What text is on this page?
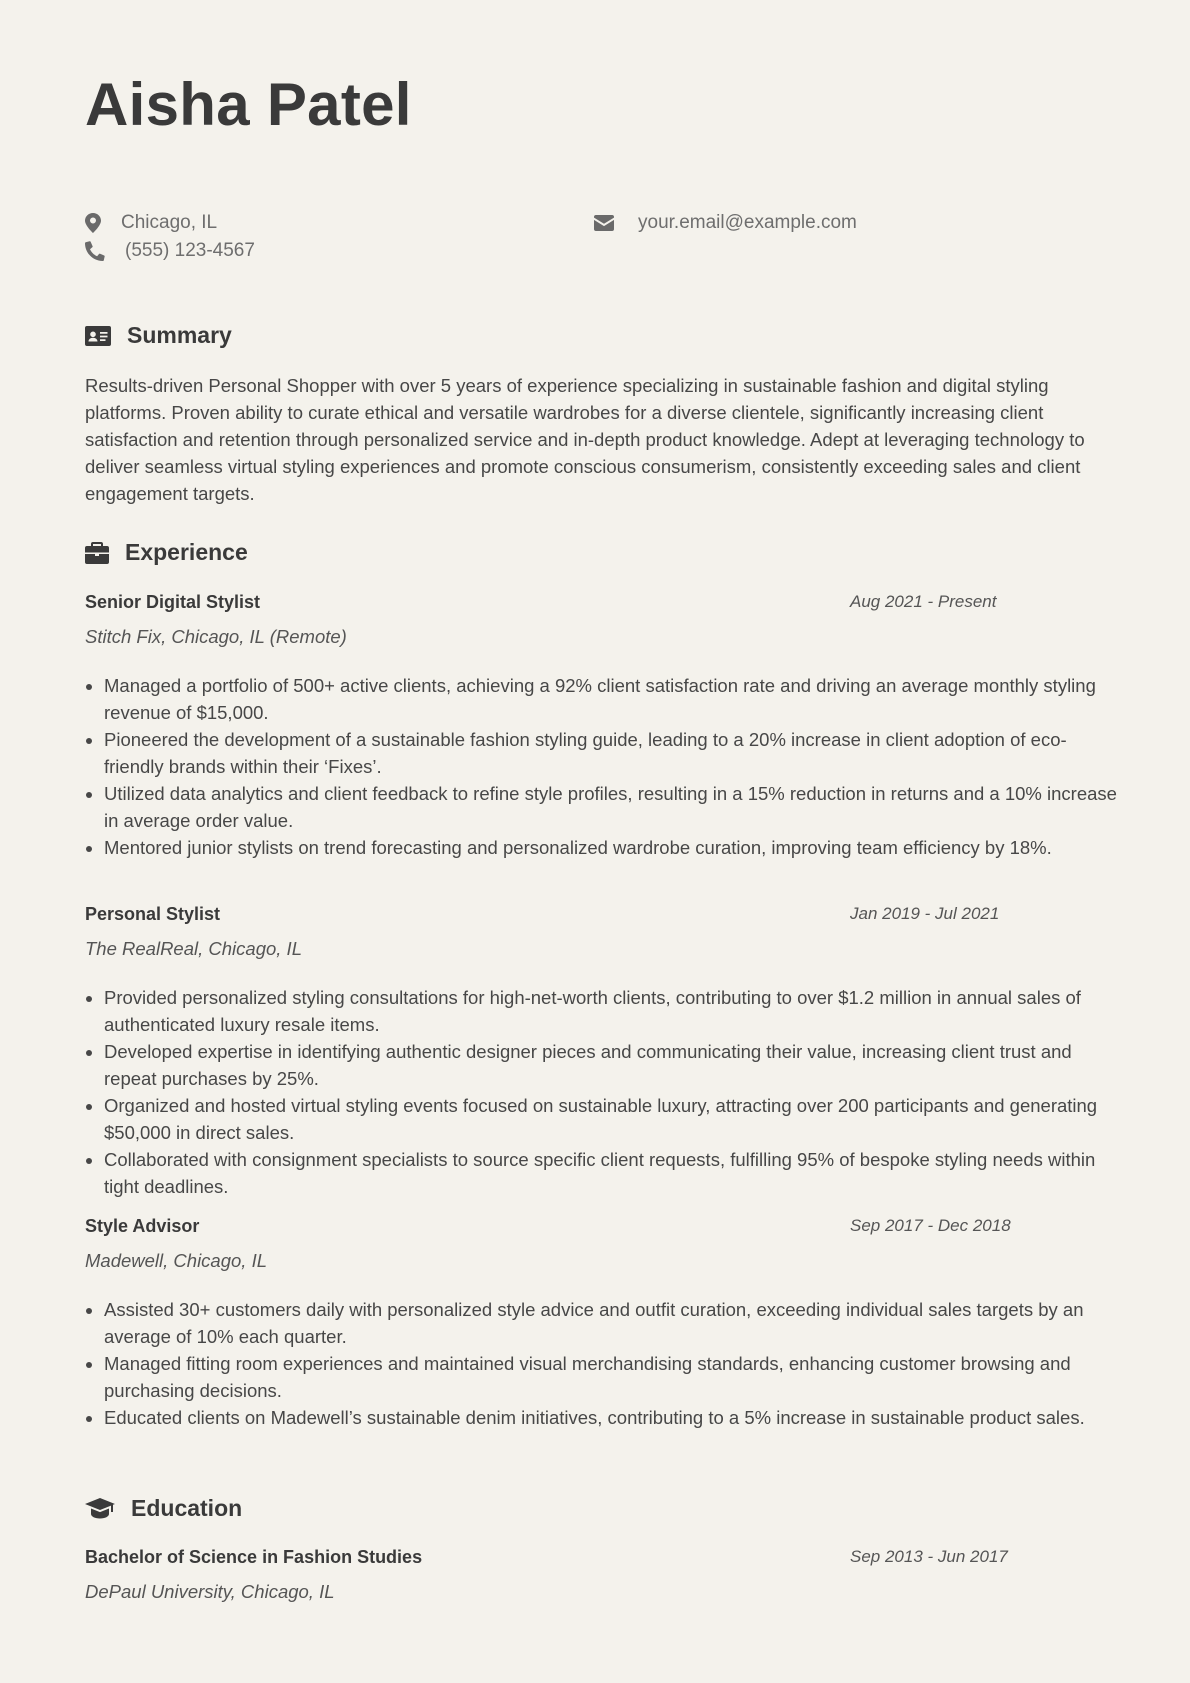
Aisha Patel
Chicago, IL
(555) 123-4567
your.email@example.com
Summary

Results-driven Personal Shopper with over 5 years of experience specializing in sustainable fashion and digital styling platforms. Proven ability to curate ethical and versatile wardrobes for a diverse clientele, significantly increasing client satisfaction and retention through personalized service and in-depth product knowledge. Adept at leveraging technology to deliver seamless virtual styling experiences and promote conscious consumerism, consistently exceeding sales and client engagement targets.

Experience
Senior Digital Stylist	Aug 2021 - Present
Stitch Fix, Chicago, IL (Remote)
• Managed a portfolio of 500+ active clients, achieving a 92% client satisfaction rate and driving an average monthly styling revenue of $15,000.
• Pioneered the development of a sustainable fashion styling guide, leading to a 20% increase in client adoption of eco-friendly brands within their ‘Fixes’.
• Utilized data analytics and client feedback to refine style profiles, resulting in a 15% reduction in returns and a 10% increase in average order value.
• Mentored junior stylists on trend forecasting and personalized wardrobe curation, improving team efficiency by 18%.
Personal Stylist	Jan 2019 - Jul 2021
The RealReal, Chicago, IL
• Provided personalized styling consultations for high-net-worth clients, contributing to over $1.2 million in annual sales of authenticated luxury resale items.
• Developed expertise in identifying authentic designer pieces and communicating their value, increasing client trust and repeat purchases by 25%.
• Organized and hosted virtual styling events focused on sustainable luxury, attracting over 200 participants and generating $50,000 in direct sales.
• Collaborated with consignment specialists to source specific client requests, fulfilling 95% of bespoke styling needs within tight deadlines.
Style Advisor	Sep 2017 - Dec 2018
Madewell, Chicago, IL
• Assisted 30+ customers daily with personalized style advice and outfit curation, exceeding individual sales targets by an average of 10% each quarter.
• Managed fitting room experiences and maintained visual merchandising standards, enhancing customer browsing and purchasing decisions.
• Educated clients on Madewell’s sustainable denim initiatives, contributing to a 5% increase in sustainable product sales.
Education
Bachelor of Science in Fashion Studies	Sep 2013 - Jun 2017
DePaul University, Chicago, IL
